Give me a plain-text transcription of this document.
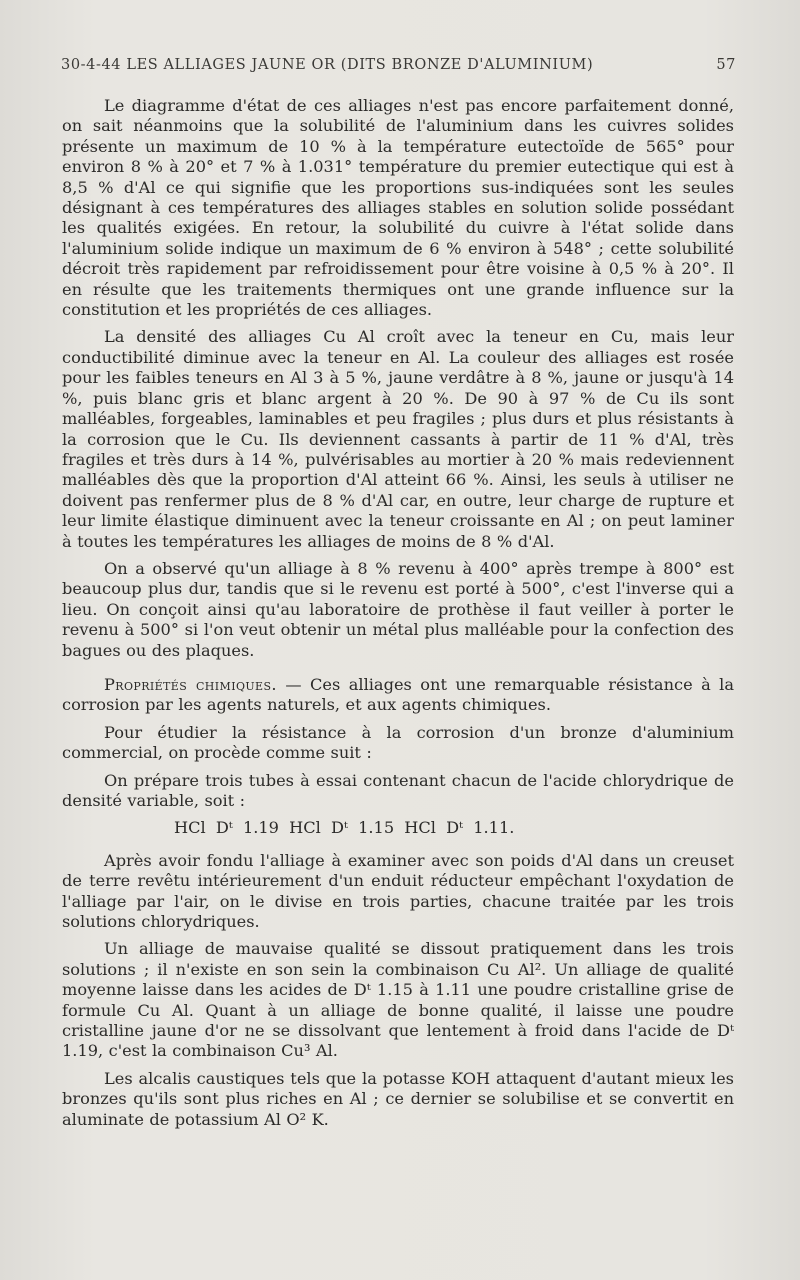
30-4-44 LES ALLIAGES JAUNE OR (DITS BRONZE D'ALUMINIUM)	57

Le diagramme d'état de ces alliages n'est pas encore parfaitement donné, on sait néanmoins que la solubilité de l'aluminium dans les cuivres solides présente un maximum de 10 % à la température eutectoïde de 565° pour environ 8 % à 20° et 7 % à 1.031° température du premier eutectique qui est à 8,5 % d'Al ce qui signifie que les proportions sus-indiquées sont les seules désignant à ces températures des alliages stables en solution solide possédant les qualités exigées. En retour, la solubilité du cuivre à l'état solide dans l'aluminium solide indique un maximum de 6 % environ à 548° ; cette solubilité décroit très rapidement par refroidissement pour être voisine à 0,5 % à 20°. Il en résulte que les traitements thermiques ont une grande influence sur la constitution et les propriétés de ces alliages.

La densité des alliages Cu Al croît avec la teneur en Cu, mais leur conductibilité diminue avec la teneur en Al. La couleur des alliages est rosée pour les faibles teneurs en Al 3 à 5 %, jaune verdâtre à 8 %, jaune or jusqu'à 14 %, puis blanc gris et blanc argent à 20 %. De 90 à 97 % de Cu ils sont malléables, forgeables, laminables et peu fragiles ; plus durs et plus résistants à la corrosion que le Cu. Ils deviennent cassants à partir de 11 % d'Al, très fragiles et très durs à 14 %, pulvérisables au mortier à 20 % mais redeviennent malléables dès que la proportion d'Al atteint 66 %. Ainsi, les seuls à utiliser ne doivent pas renfermer plus de 8 % d'Al car, en outre, leur charge de rupture et leur limite élastique diminuent avec la teneur croissante en Al ; on peut laminer à toutes les températures les alliages de moins de 8 % d'Al.

On a observé qu'un alliage à 8 % revenu à 400° après trempe à 800° est beaucoup plus dur, tandis que si le revenu est porté à 500°, c'est l'inverse qui a lieu. On conçoit ainsi qu'au laboratoire de prothèse il faut veiller à porter le revenu à 500° si l'on veut obtenir un métal plus malléable pour la confection des bagues ou des plaques.

Propriétés chimiques. — Ces alliages ont une remarquable résistance à la corrosion par les agents naturels, et aux agents chimiques.

Pour étudier la résistance à la corrosion d'un bronze d'aluminium commercial, on procède comme suit :

On prépare trois tubes à essai contenant chacun de l'acide chlorydrique de densité variable, soit :

HCl Dᵗ 1.19 HCl Dᵗ 1.15 HCl Dᵗ 1.11.

Après avoir fondu l'alliage à examiner avec son poids d'Al dans un creuset de terre revêtu intérieurement d'un enduit réducteur empêchant l'oxydation de l'alliage par l'air, on le divise en trois parties, chacune traitée par les trois solutions chlorydriques.

Un alliage de mauvaise qualité se dissout pratiquement dans les trois solutions ; il n'existe en son sein la combinaison Cu Al². Un alliage de qualité moyenne laisse dans les acides de Dᵗ 1.15 à 1.11 une poudre cristalline grise de formule Cu Al. Quant à un alliage de bonne qualité, il laisse une poudre cristalline jaune d'or ne se dissolvant que lentement à froid dans l'acide de Dᵗ 1.19, c'est la combinaison Cu³ Al.

Les alcalis caustiques tels que la potasse KOH attaquent d'autant mieux les bronzes qu'ils sont plus riches en Al ; ce dernier se solubilise et se convertit en aluminate de potassium Al O² K.
